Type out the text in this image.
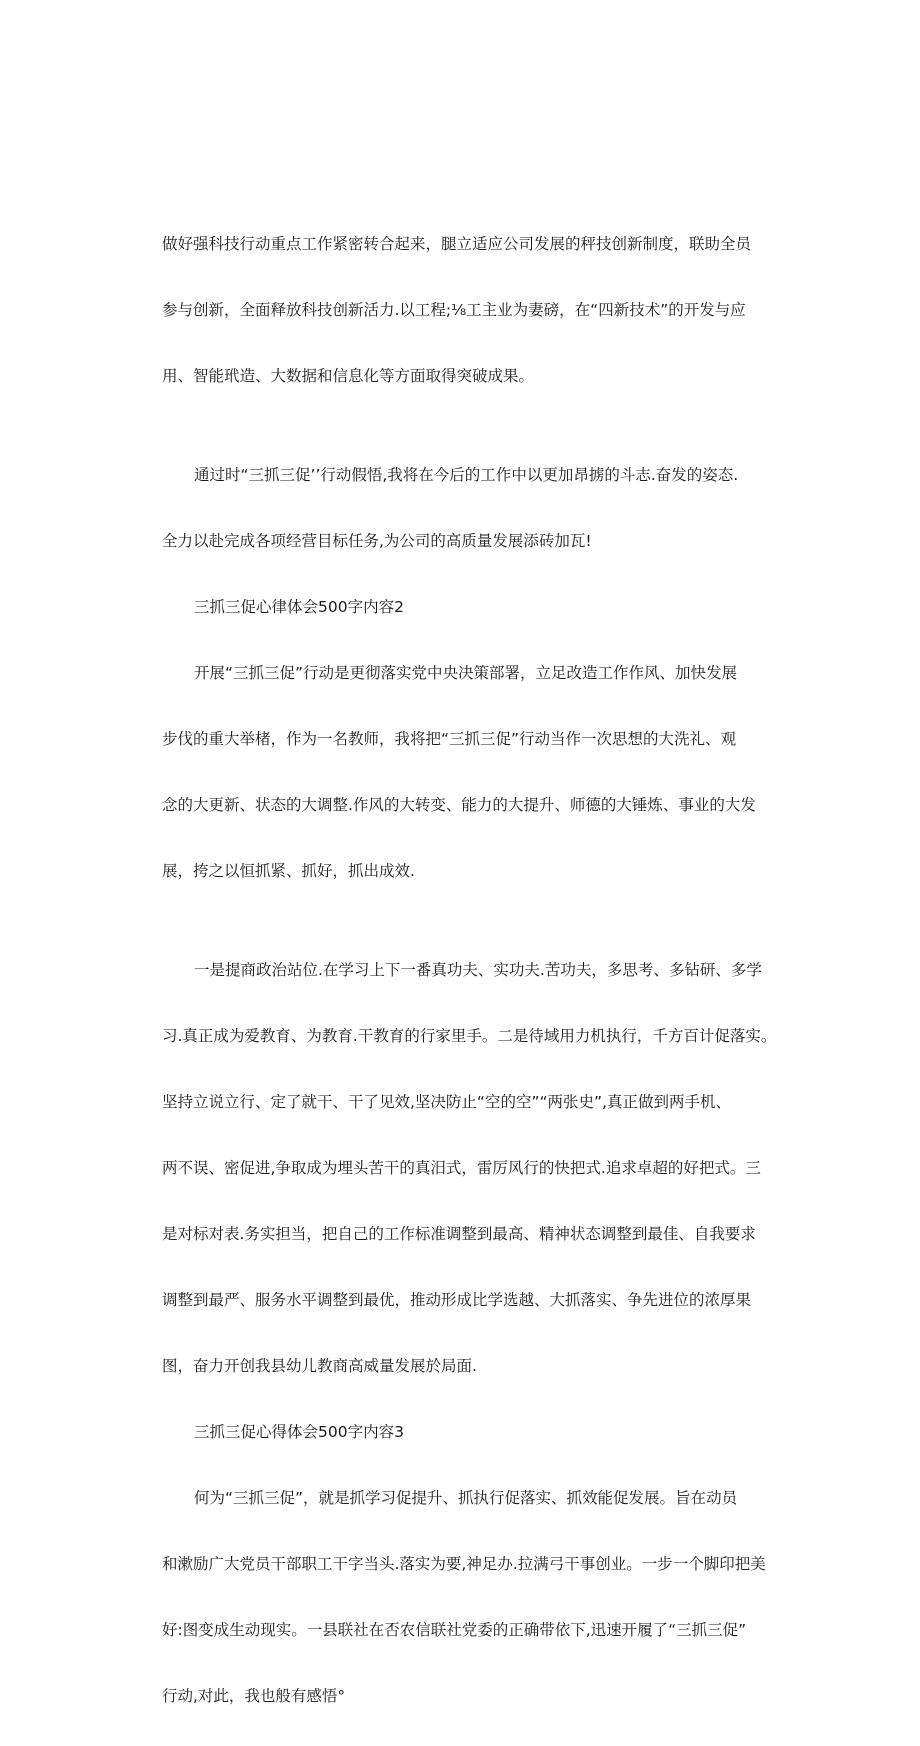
做好强科技行动重点工作紧密转合起来，腿立适应公司发展的秤技创新制度，联助全员

参与创新，全面释放科技创新活力.以工程;⅛工主业为妻磅，在“四新技术”的开发与应

用、智能玳造、大数据和信息化等方面取得突破成果。

通过时“三抓三促’’行动假悟,我将在今后的工作中以更加昂掳的斗志.奋发的姿态.

全力以赴完成各项经营目标任务,为公司的高质量发展添砖加瓦!

三抓三促心律体会500字内容2

开展“三抓三促”行动是更彻落实党中央决策部署，立足改造工作作风、加快发展

步伐的重大举楮，作为一名教师，我将把“三抓三促”行动当作一次思想的大洗礼、观

念的大更新、状态的大调整.作风的大转变、能力的大提升、师德的大锤炼、事业的大发

展，挎之以恒抓紧、抓好，抓出成效.

一是提商政治站位.在学习上下一番真功夫、实功夫.苦功夫，多思考、多钻研、多学

习.真正成为爱教育、为教育.干教育的行家里手。二是待域用力机执行，千方百计促落实。

坚持立说立行、定了就干、干了见效,坚决防止“空的空”“两张史”,真正做到两手机、

两不误、密促进,争取成为埋头苦干的真汨式，雷厉风行的快把式.追求卓超的好把式。三

是对标对表.务实担当，把自己的工作标准调整到最高、精神状态调整到最佳、自我要求

调整到最严、服务水平调整到最优，推动形成比学选越、大抓落实、争先进位的浓厚果

图，奋力开创我县幼儿教商高威量发展於局面.

三抓三促心得体会500字内容3

何为“三抓三促”，就是抓学习促提升、抓执行促落实、抓效能促发展。旨在动员

和漱励广大党员干部职工干字当头.落实为要,神足办.拉满弓干事创业。一步一个脚印把美

好:图变成生动现实。一县联社在否农信联社党委的正确带依下,迅速开履了“三抓三促”

行动,对此，我也般有感悟°
